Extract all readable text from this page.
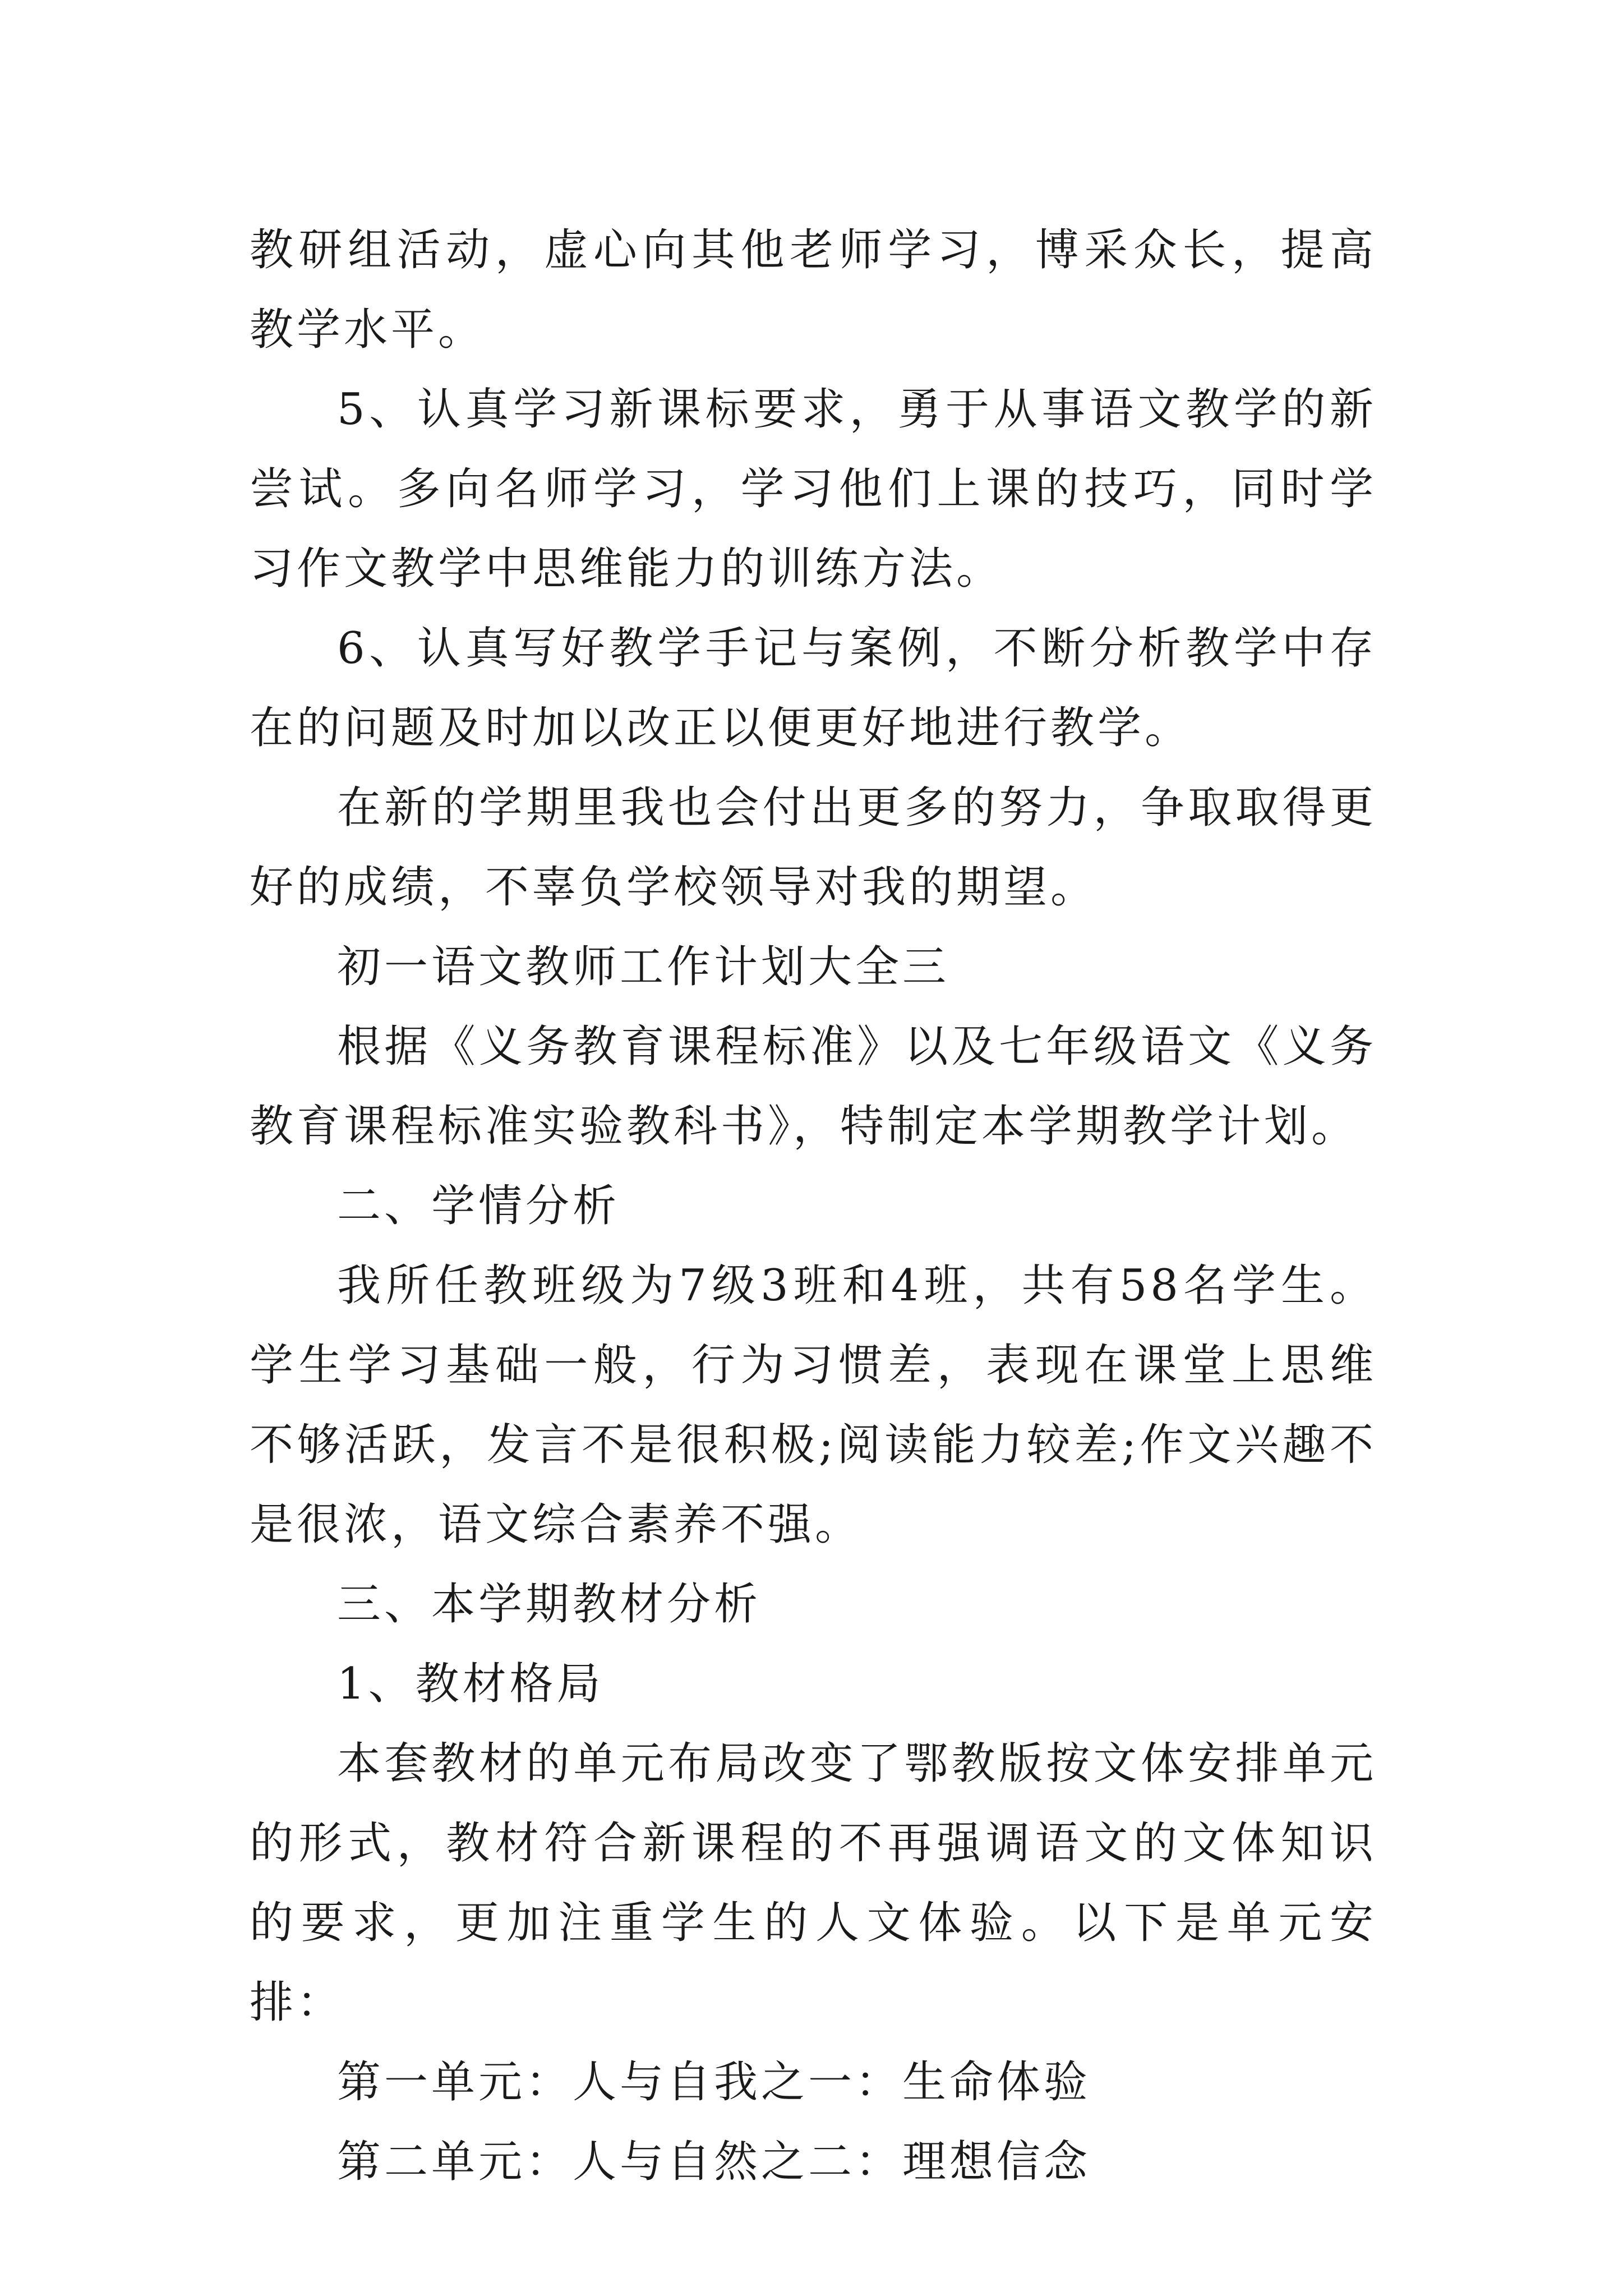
教研组活动，虚心向其他老师学习，博采众长，提高教学水平。

5、认真学习新课标要求，勇于从事语文教学的新尝试。多向名师学习，学习他们上课的技巧，同时学习作文教学中思维能力的训练方法。

6、认真写好教学手记与案例，不断分析教学中存在的问题及时加以改正以便更好地进行教学。

在新的学期里我也会付出更多的努力，争取取得更好的成绩，不辜负学校领导对我的期望。

初一语文教师工作计划大全三

根据《义务教育课程标准》以及七年级语文《义务教育课程标准实验教科书》，特制定本学期教学计划。

二、学情分析

我所任教班级为7级3班和4班，共有58名学生。学生学习基础一般，行为习惯差，表现在课堂上思维不够活跃，发言不是很积极;阅读能力较差;作文兴趣不是很浓，语文综合素养不强。

三、本学期教材分析

1、教材格局

本套教材的单元布局改变了鄂教版按文体安排单元的形式，教材符合新课程的不再强调语文的文体知识的要求，更加注重学生的人文体验。以下是单元安排：

第一单元：人与自我之一：生命体验

第二单元：人与自然之二：理想信念
